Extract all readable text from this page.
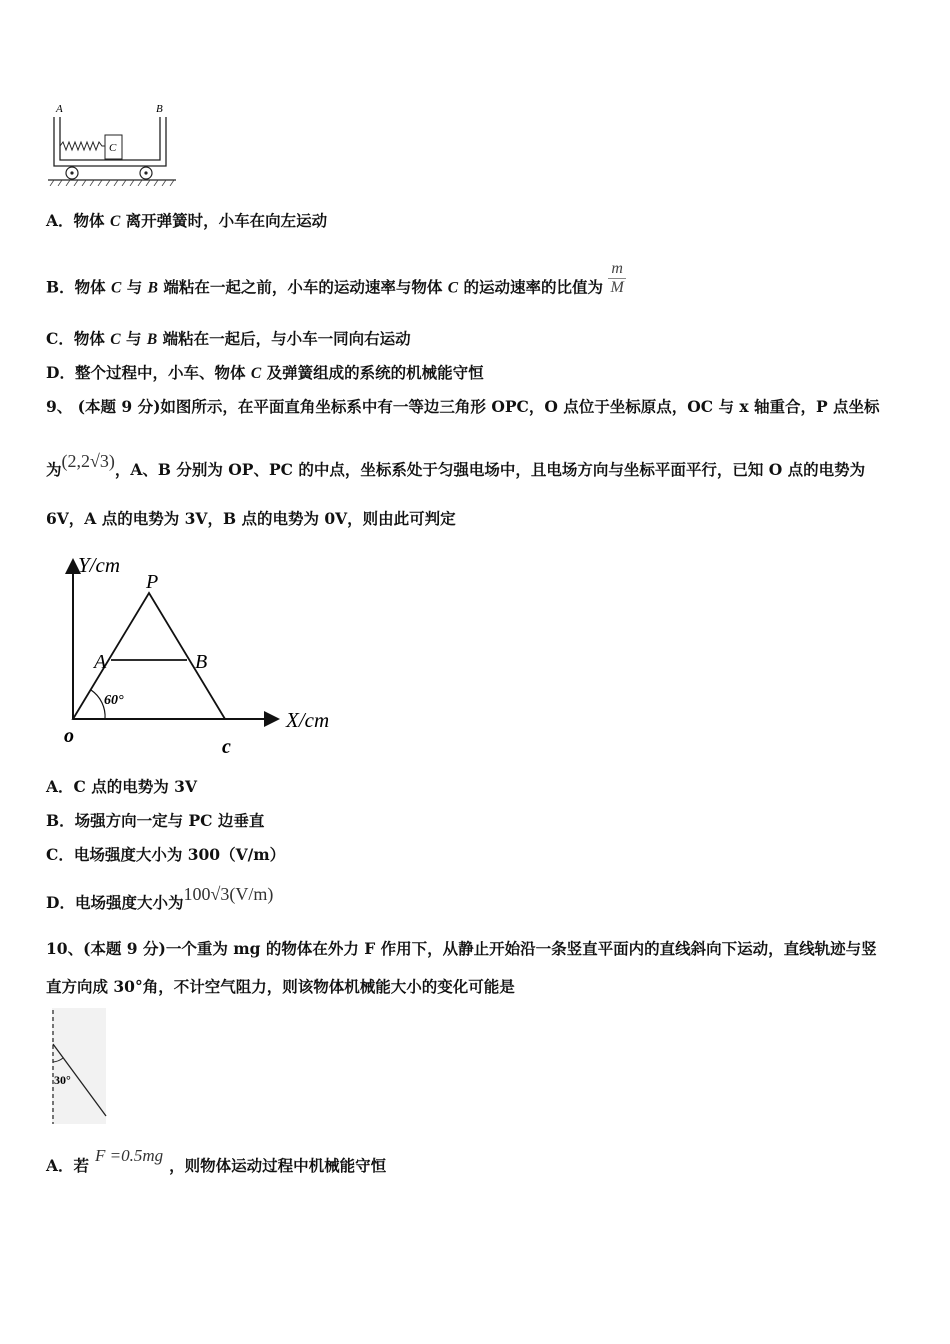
A	B
C
A．物体 C 离开弹簧时，小车在向左运动
B．物体 C 与 B 端粘在一起之前，小车的运动速率与物体 C 的运动速率的比值为 $\frac{m}{M}$
C．物体 C 与 B 端粘在一起后，与小车一同向右运动
D．整个过程中，小车、物体 C 及弹簧组成的系统的机械能守恒
9、 (本题 9 分)如图所示，在平面直角坐标系中有一等边三角形 OPC，O 点位于坐标原点，OC 与 x 轴重合，P 点坐标
为(2,2√3)，A、B 分别为 OP、PC 的中点，坐标系处于匀强电场中，且电场方向与坐标平面平行，已知 O 点的电势为
6V，A 点的电势为 3V，B 点的电势为 0V，则由此可判定
Y/cm
X/cm
P
A	B
o	c
60°
A．C 点的电势为 3V
B．场强方向一定与 PC 边垂直
C．电场强度大小为 300（V/m）
D．电场强度大小为100√3(V/m)
10、(本题 9 分)一个重为 mg 的物体在外力 F 作用下，从静止开始沿一条竖直平面内的直线斜向下运动，直线轨迹与竖
直方向成 30°角，不计空气阻力，则该物体机械能大小的变化可能是
30°
A．若F =0.5mg，则物体运动过程中机械能守恒
